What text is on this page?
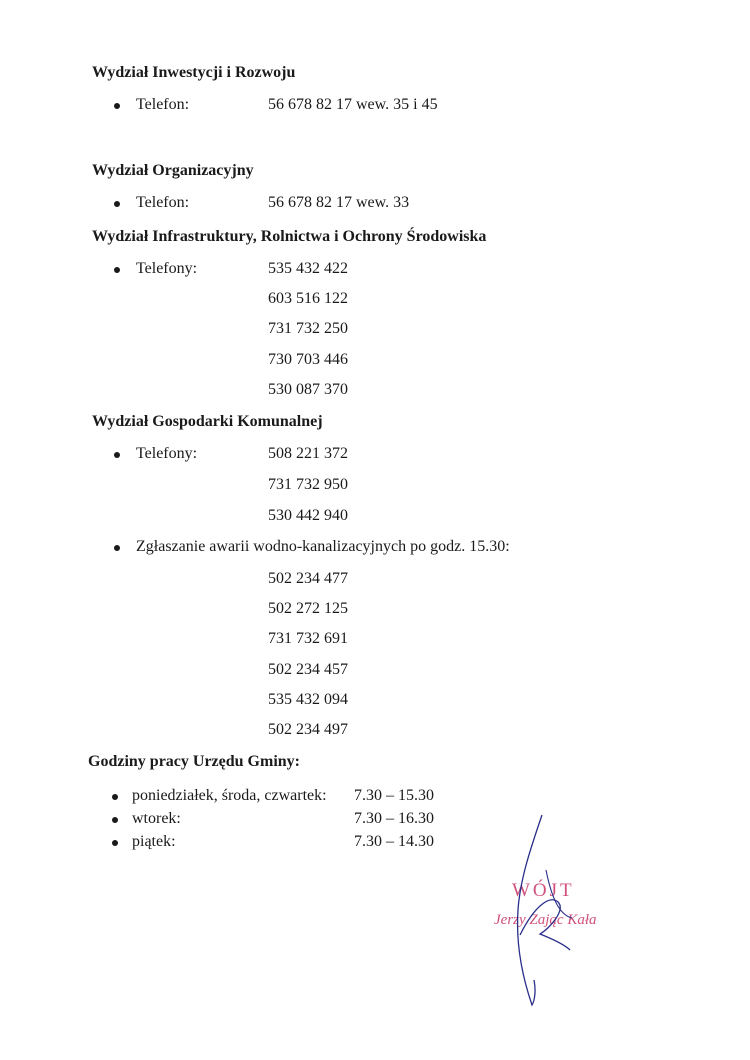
Wydział Inwestycji i Rozwoju
Telefon:	56 678 82 17 wew. 35 i 45
Wydział Organizacyjny
Telefon:	56 678 82 17 wew. 33
Wydział Infrastruktury, Rolnictwa i Ochrony Środowiska
Telefony:	535 432 422
603 516 122
731 732 250
730 703 446
530 087 370
Wydział Gospodarki Komunalnej
Telefony:	508 221 372
731 732 950
530 442 940
Zgłaszanie awarii wodno-kanalizacyjnych po godz. 15.30:
502 234 477
502 272 125
731 732 691
502 234 457
535 432 094
502 234 497
Godziny pracy Urzędu Gminy:
poniedziałek, środa, czwartek: 7.30 – 15.30
wtorek:	7.30 – 16.30
piątek:	7.30 – 14.30
WÓJT
Jerzy Zając Kała
